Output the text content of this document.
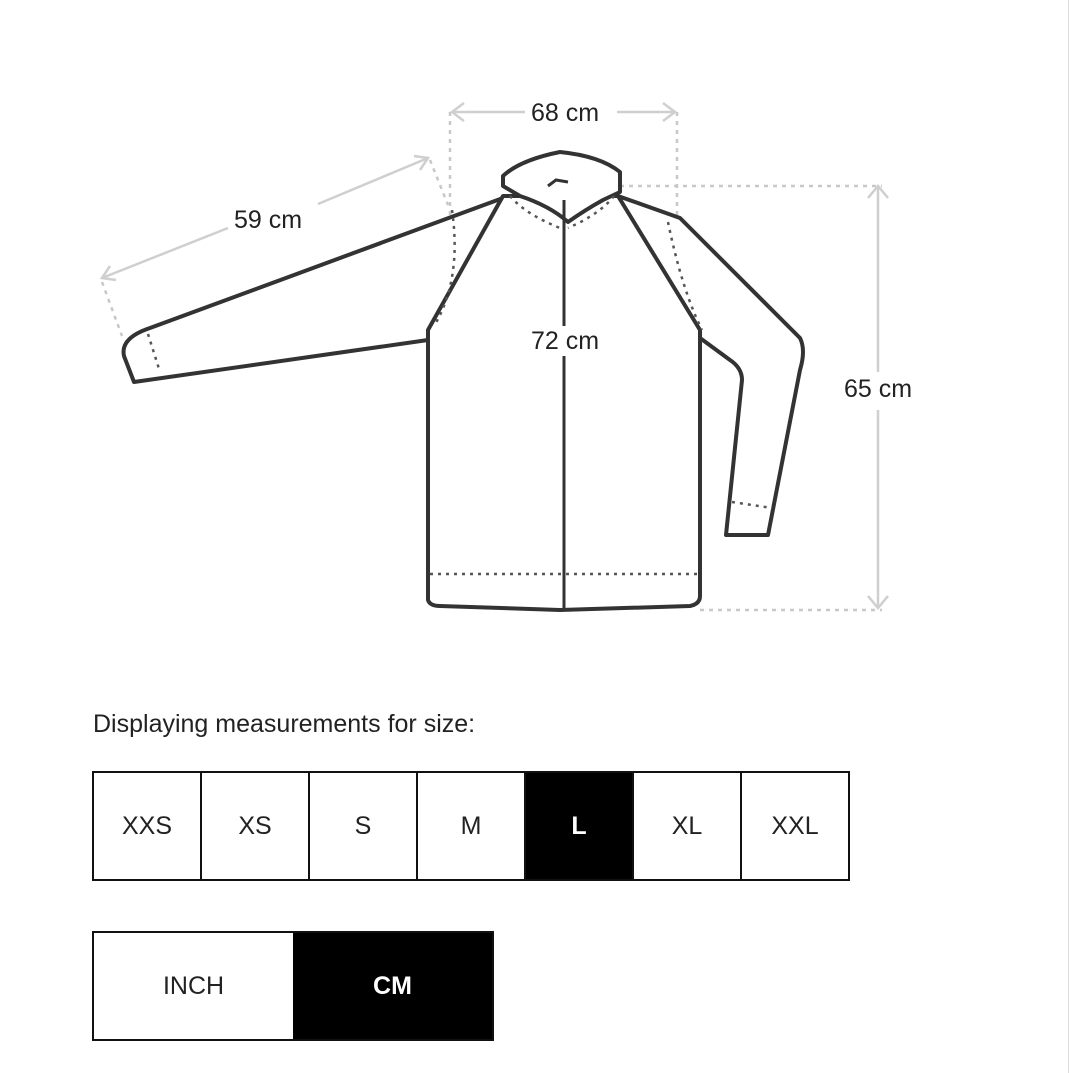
68 cm
59 cm
72 cm
65 cm
Displaying measurements for size:
XXS	XS	S	M	L	XL	XXL
INCH	CM
